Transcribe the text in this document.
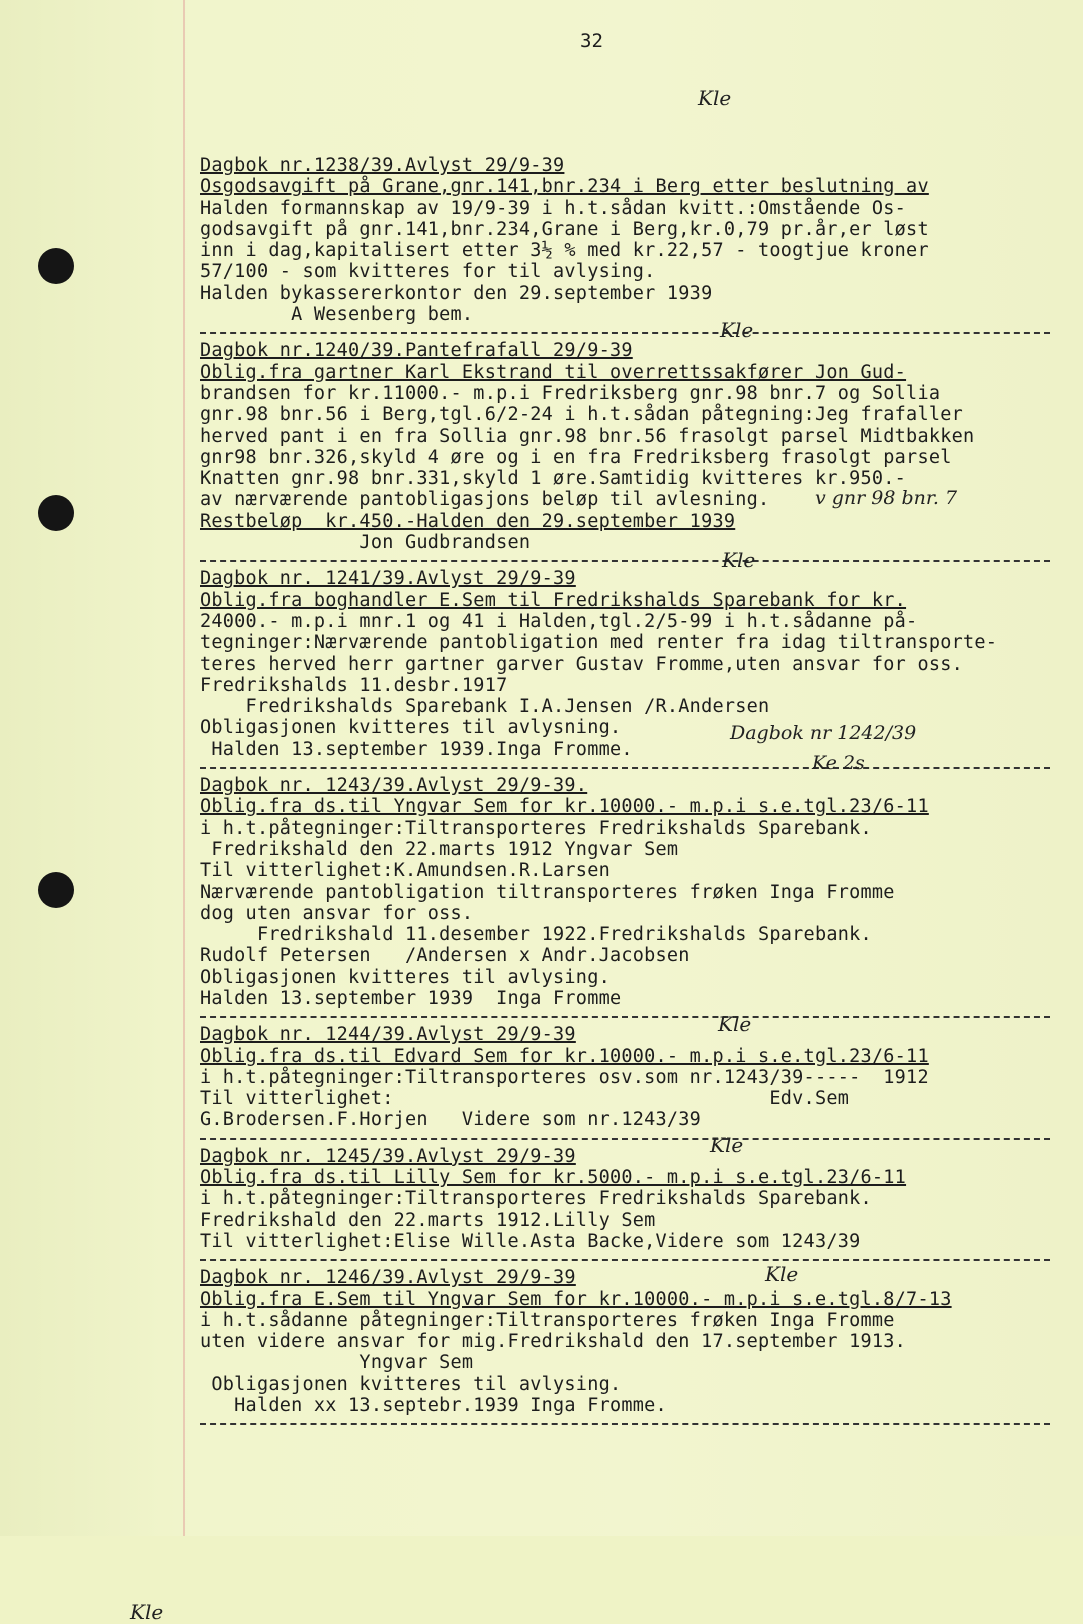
32
Kle
Dagbok nr.1238/39.Avlyst 29/9-39
Osgodsavgift på Grane,gnr.141,bnr.234 i Berg etter beslutning av
Halden formannskap av 19/9-39 i h.t.sådan kvitt.:Omstående Os-
godsavgift på gnr.141,bnr.234,Grane i Berg,kr.0,79 pr.år,er løst
inn i dag,kapitalisert etter 3½ % med kr.22,57 - toogtjue kroner
57/100 - som kvitteres for til avlysing.
Halden bykassererkontor den 29.september 1939
A Wesenberg bem.
Dagbok nr.1240/39.Pantefrafall 29/9-39
Oblig.fra gartner Karl Ekstrand til overrettssakfører Jon Gud-
brandsen for kr.11000.- m.p.i Fredriksberg gnr.98 bnr.7 og Sollia
gnr.98 bnr.56 i Berg,tgl.6/2-24 i h.t.sådan påtegning:Jeg frafaller
herved pant i en fra Sollia gnr.98 bnr.56 frasolgt parsel Midtbakken
gnr98 bnr.326,skyld 4 øre og i en fra Fredriksberg frasolgt parsel
Knatten gnr.98 bnr.331,skyld 1 øre.Samtidig kvitteres kr.950.-
av nærværende pantobligasjons beløp til avlesning.
Restbeløp  kr.450.-Halden den 29.september 1939
Jon Gudbrandsen
Dagbok nr. 1241/39.Avlyst 29/9-39
Oblig.fra boghandler E.Sem til Fredrikshalds Sparebank for kr.
24000.- m.p.i mnr.1 og 41 i Halden,tgl.2/5-99 i h.t.sådanne på-
tegninger:Nærværende pantobligation med renter fra idag tiltransporte-
teres herved herr gartner garver Gustav Fromme,uten ansvar for oss.
Fredrikshalds 11.desbr.1917
Fredrikshalds Sparebank I.A.Jensen /R.Andersen
Obligasjonen kvitteres til avlysning.
Halden 13.september 1939.Inga Fromme.
Dagbok nr. 1243/39.Avlyst 29/9-39.
Oblig.fra ds.til Yngvar Sem for kr.10000.- m.p.i s.e.tgl.23/6-11
i h.t.påtegninger:Tiltransporteres Fredrikshalds Sparebank.
Fredrikshald den 22.marts 1912 Yngvar Sem
Til vitterlighet:K.Amundsen.R.Larsen
Nærværende pantobligation tiltransporteres frøken Inga Fromme
dog uten ansvar for oss.
Fredrikshald 11.desember 1922.Fredrikshalds Sparebank.
Rudolf Petersen   /Andersen x Andr.Jacobsen
Obligasjonen kvitteres til avlysing.
Halden 13.september 1939  Inga Fromme
Dagbok nr. 1244/39.Avlyst 29/9-39
Oblig.fra ds.til Edvard Sem for kr.10000.- m.p.i s.e.tgl.23/6-11
i h.t.påtegninger:Tiltransporteres osv.som nr.1243/39-----  1912
Til vitterlighet:                                 Edv.Sem
G.Brodersen.F.Horjen   Videre som nr.1243/39
Dagbok nr. 1245/39.Avlyst 29/9-39
Oblig.fra ds.til Lilly Sem for kr.5000.- m.p.i s.e.tgl.23/6-11
i h.t.påtegninger:Tiltransporteres Fredrikshalds Sparebank.
Fredrikshald den 22.marts 1912.Lilly Sem
Til vitterlighet:Elise Wille.Asta Backe,Videre som 1243/39
Dagbok nr. 1246/39.Avlyst 29/9-39
Oblig.fra E.Sem til Yngvar Sem for kr.10000.- m.p.i s.e.tgl.8/7-13
i h.t.sådanne påtegninger:Tiltransporteres frøken Inga Fromme
uten videre ansvar for mig.Fredrikshald den 17.september 1913.
Yngvar Sem
Obligasjonen kvitteres til avlysing.
Halden xx 13.septebr.1939 Inga Fromme.
Kle
Kle
Kle
Kle
Kle
Kle
v gnr 98 bnr. 7
Dagbok nr 1242/39
Ke 2s
